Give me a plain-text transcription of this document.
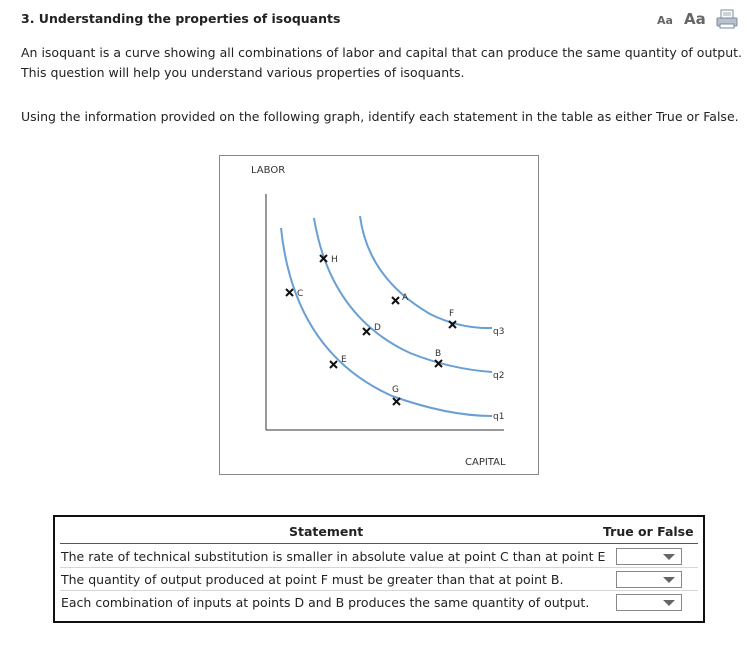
3. Understanding the properties of isoquants	Aa Aa
An isoquant is a curve showing all combinations of labor and capital that can produce the same quantity of output.
This question will help you understand various properties of isoquants.
Using the information provided on the following graph, identify each statement in the table as either True or False.
LABOR
CAPITAL
q1
q2
q3
H
C	A
F
D
B
E
G
Statement	True or False
The rate of technical substitution is smaller in absolute value at point C than at point E
The quantity of output produced at point F must be greater than that at point B.
Each combination of inputs at points D and B produces the same quantity of output.
